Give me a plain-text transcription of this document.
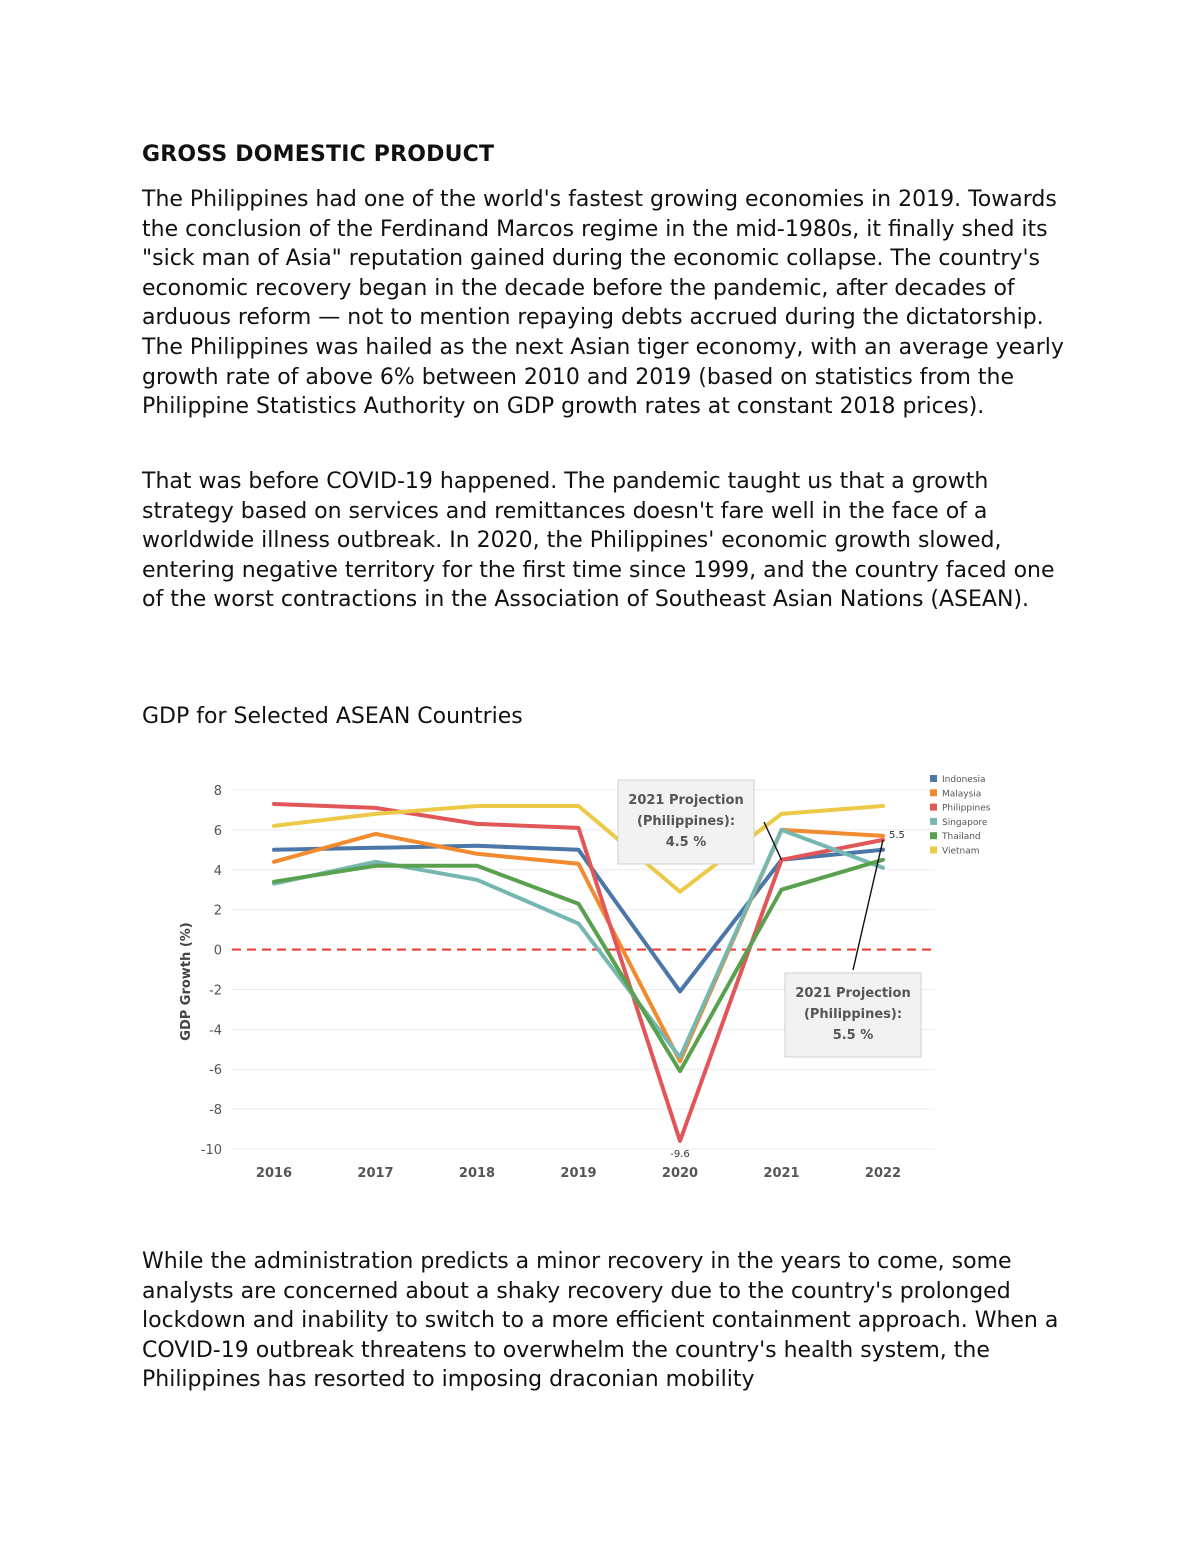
GROSS DOMESTIC PRODUCT

The Philippines had one of the world's fastest growing economies in 2019. Towards the conclusion of the Ferdinand Marcos regime in the mid-1980s, it finally shed its "sick man of Asia" reputation gained during the economic collapse. The country's economic recovery began in the decade before the pandemic, after decades of arduous reform — not to mention repaying debts accrued during the dictatorship. The Philippines was hailed as the next Asian tiger economy, with an average yearly growth rate of above 6% between 2010 and 2019 (based on statistics from the Philippine Statistics Authority on GDP growth rates at constant 2018 prices).

That was before COVID-19 happened. The pandemic taught us that a growth strategy based on services and remittances doesn't fare well in the face of a worldwide illness outbreak. In 2020, the Philippines' economic growth slowed, entering negative territory for the first time since 1999, and the country faced one of the worst contractions in the Association of Southeast Asian Nations (ASEAN).

GDP for Selected ASEAN Countries

8
6
4
2
0
-2
-4
-6
-8
-10
GDP Growth (%)
2016	2017	2018	2019	2020	2021	2022
-9.6
5.5
2021 Projection
(Philippines):
4.5 %
2021 Projection
(Philippines):
5.5 %
Indonesia
Malaysia
Philippines
Singapore
Thailand
Vietnam

While the administration predicts a minor recovery in the years to come, some analysts are concerned about a shaky recovery due to the country's prolonged lockdown and inability to switch to a more efficient containment approach. When a COVID-19 outbreak threatens to overwhelm the country's health system, the Philippines has resorted to imposing draconian mobility
